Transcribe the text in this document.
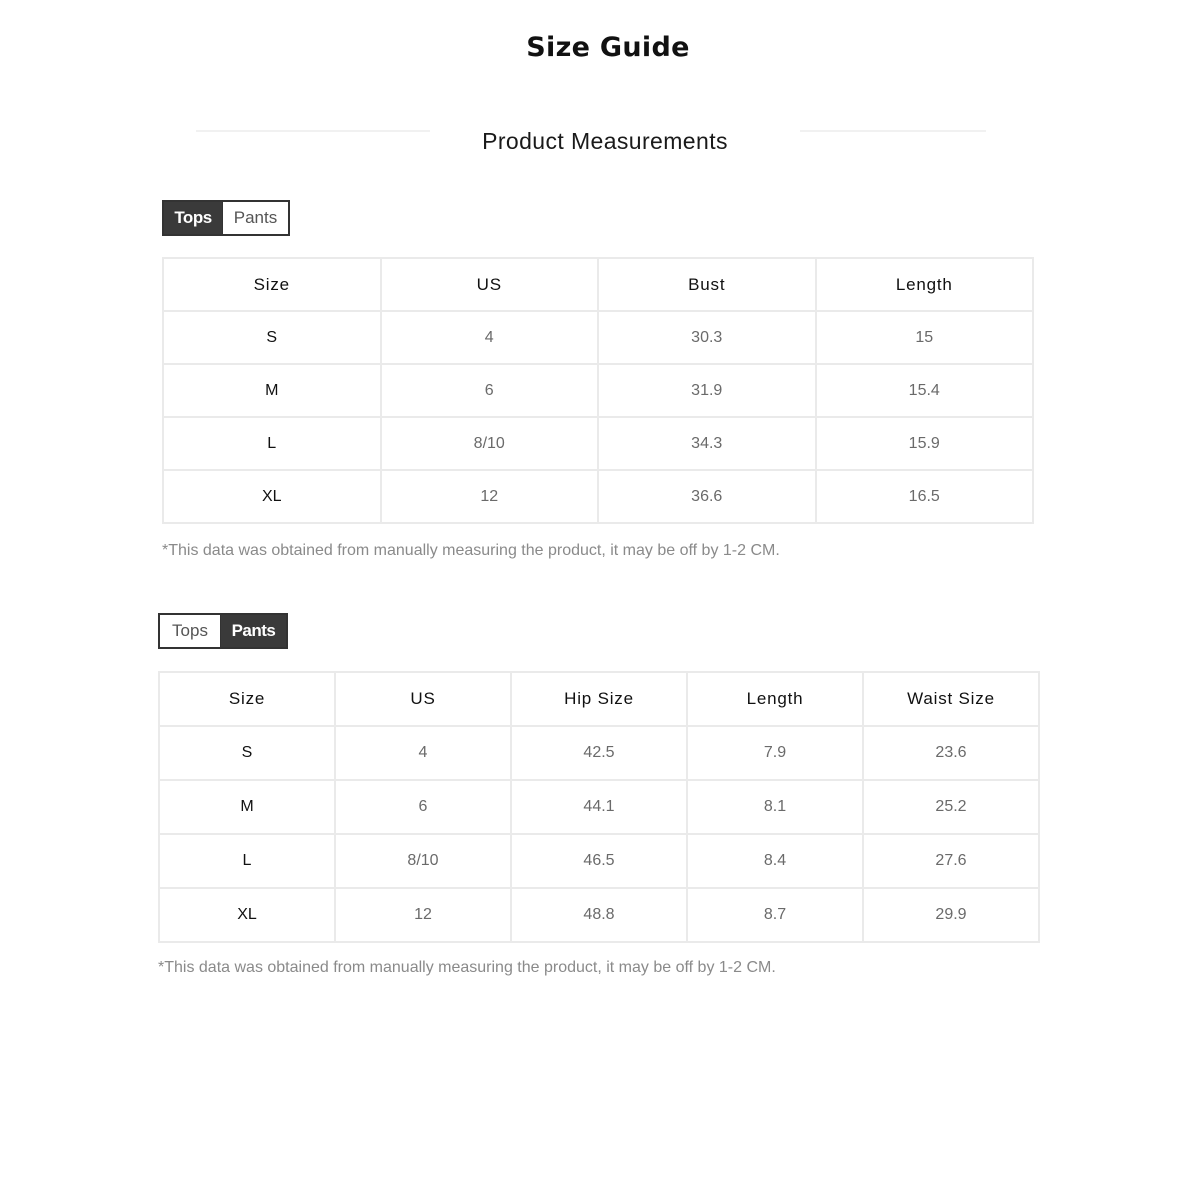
Size Guide
Product Measurements
Tops	Pants
Size	US	Bust	Length
S	4	30.3	15
M	6	31.9	15.4
L	8/10	34.3	15.9
XL	12	36.6	16.5
*This data was obtained from manually measuring the product, it may be off by 1-2 CM.
Tops	Pants
Size	US	Hip Size	Length	Waist Size
S	4	42.5	7.9	23.6
M	6	44.1	8.1	25.2
L	8/10	46.5	8.4	27.6
XL	12	48.8	8.7	29.9
*This data was obtained from manually measuring the product, it may be off by 1-2 CM.
